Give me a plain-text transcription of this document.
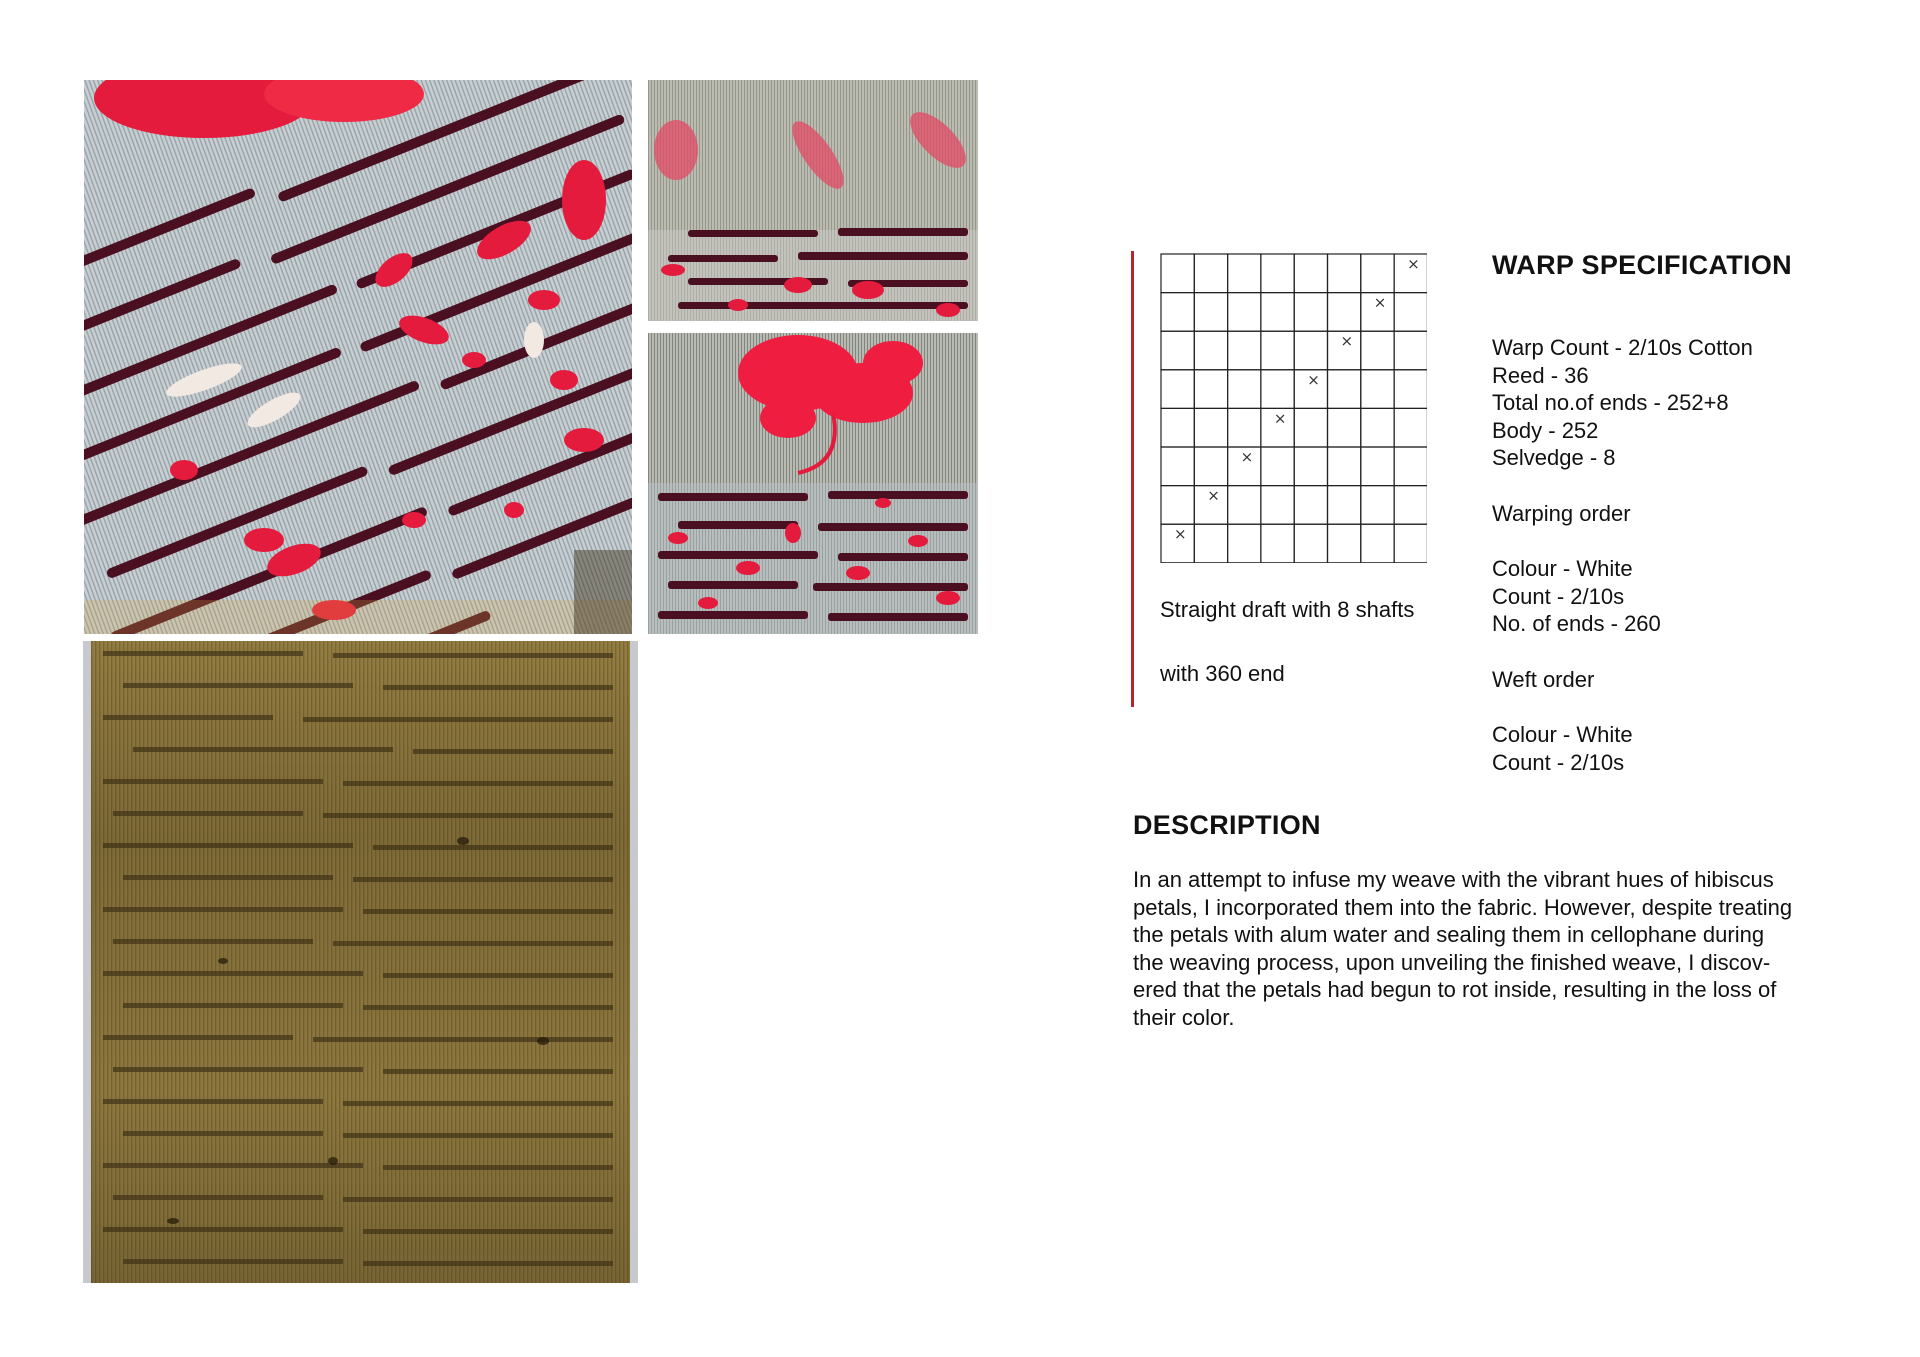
×
×
×
×
×
×
×
×
Straight draft with 8 shafts
with 360 end
WARP SPECIFICATION
Warp Count - 2/10s Cotton
Reed - 36
Total no.of ends - 252+8
Body - 252
Selvedge - 8
Warping order
Colour - White
Count - 2/10s
No. of ends - 260
Weft order
Colour - White
Count - 2/10s
DESCRIPTION
In an attempt to infuse my weave with the vibrant hues of hibiscus
petals, I incorporated them into the fabric. However, despite treating
the petals with alum water and sealing them in cellophane during
the weaving process, upon unveiling the finished weave, I discov-
ered that the petals had begun to rot inside, resulting in the loss of
their color.
